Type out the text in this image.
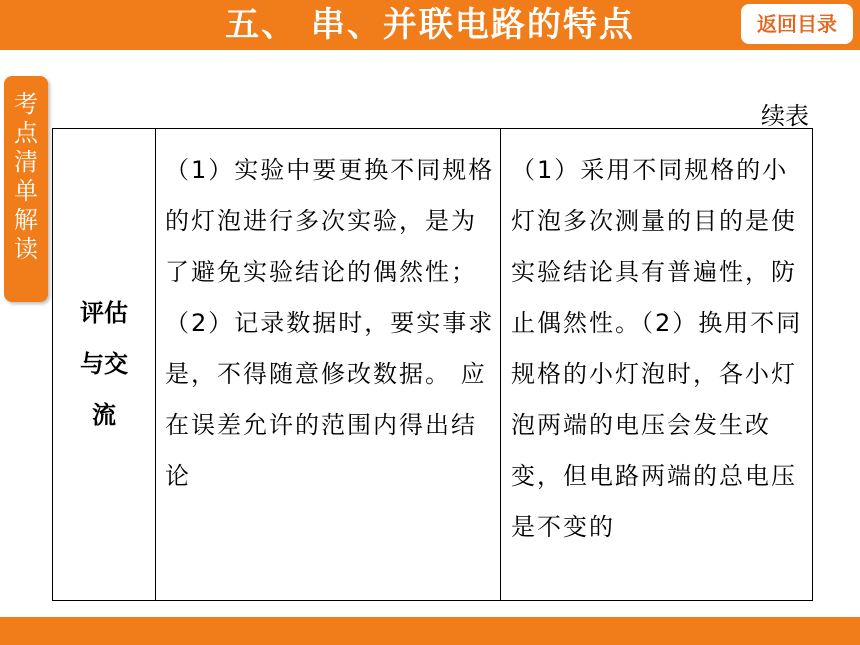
五、 串、并联电路的特点	返回目录
考点清单解读
续表
评估与交流
（1）实验中要更换不同规格的灯泡进行多次实验，是为了避免实验结论的偶然性；（2）记录数据时，要实事求是，不得随意修改数据。 应在误差允许的范围内得出结论
（1）采用不同规格的小灯泡多次测量的目的是使实验结论具有普遍性，防止偶然性。（2）换用不同规格的小灯泡时，各小灯泡两端的电压会发生改变，但电路两端的总电压是不变的
